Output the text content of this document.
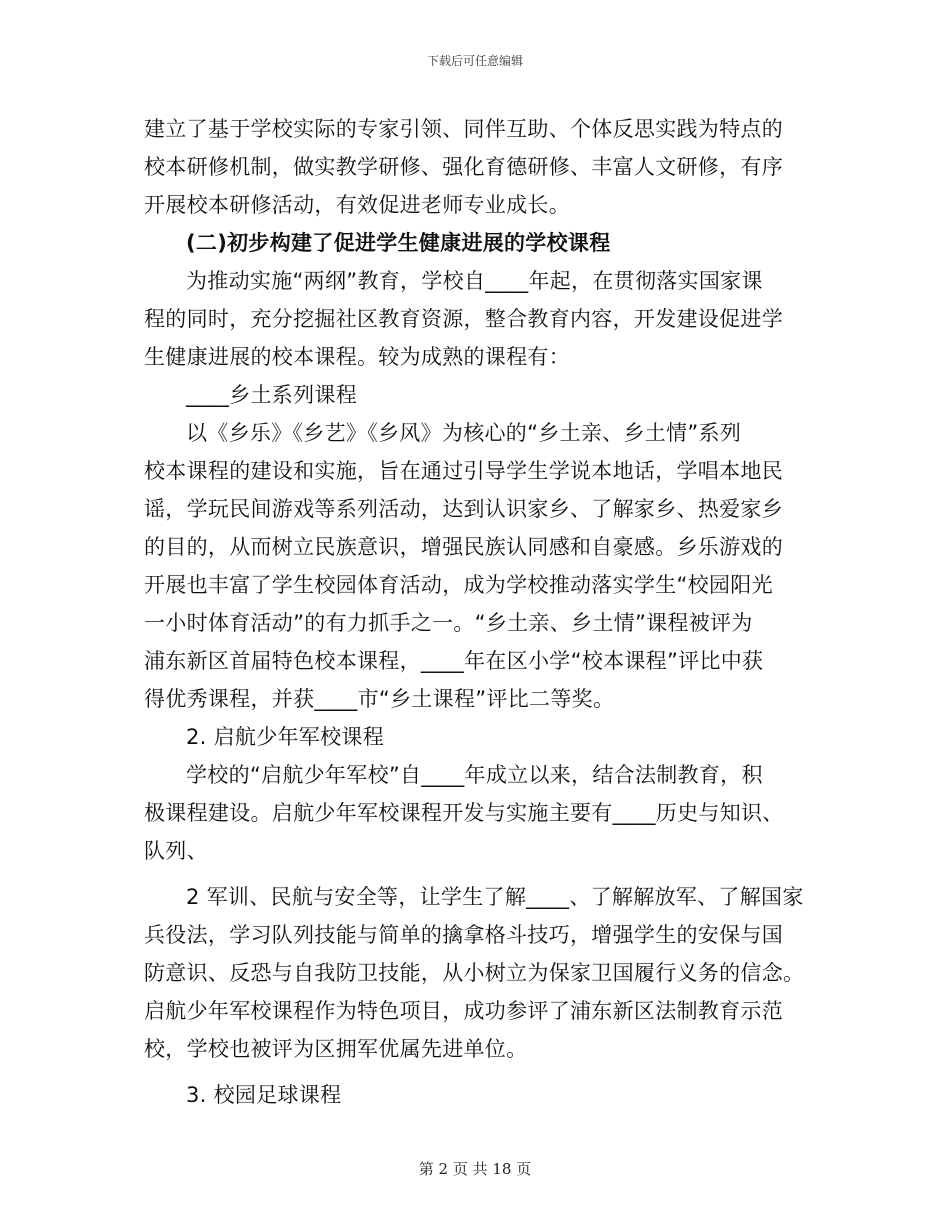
下载后可任意编辑
建立了基于学校实际的专家引领、同伴互助、个体反思实践为特点的
校本研修机制，做实教学研修、强化育德研修、丰富人文研修，有序
开展校本研修活动，有效促进老师专业成长。
(二)初步构建了促进学生健康进展的学校课程
为推动实施“两纲”教育，学校自____年起，在贯彻落实国家课
程的同时，充分挖掘社区教育资源，整合教育内容，开发建设促进学
生健康进展的校本课程。较为成熟的课程有：
____乡土系列课程
以《乡乐》《乡艺》《乡风》为核心的“乡土亲、乡土情”系列
校本课程的建设和实施，旨在通过引导学生学说本地话，学唱本地民
谣，学玩民间游戏等系列活动，达到认识家乡、了解家乡、热爱家乡
的目的，从而树立民族意识，增强民族认同感和自豪感。乡乐游戏的
开展也丰富了学生校园体育活动，成为学校推动落实学生“校园阳光
一小时体育活动”的有力抓手之一。“乡土亲、乡土情”课程被评为
浦东新区首届特色校本课程，____年在区小学“校本课程”评比中获
得优秀课程，并获____市“乡土课程”评比二等奖。
2. 启航少年军校课程
学校的“启航少年军校”自____年成立以来，结合法制教育，积
极课程建设。启航少年军校课程开发与实施主要有____历史与知识、
队列、
2 军训、民航与安全等，让学生了解____、了解解放军、了解国家
兵役法，学习队列技能与简单的擒拿格斗技巧，增强学生的安保与国
防意识、反恐与自我防卫技能，从小树立为保家卫国履行义务的信念。
启航少年军校课程作为特色项目，成功参评了浦东新区法制教育示范
校，学校也被评为区拥军优属先进单位。
3. 校园足球课程
第 2 页 共 18 页
